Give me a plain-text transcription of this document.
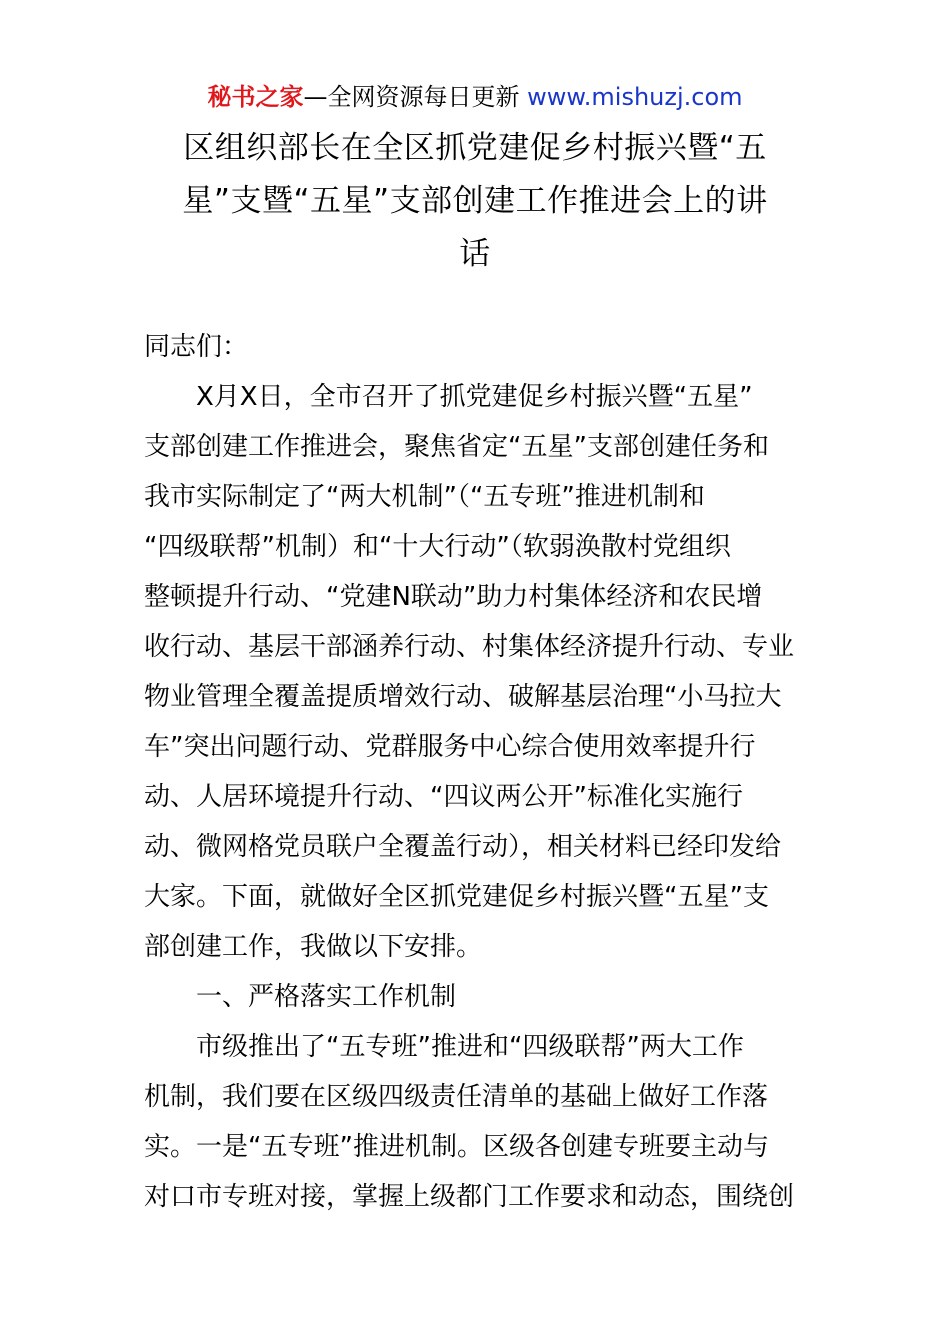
秘书之家—全网资源每日更新 www.mishuzj.com
区组织部长在全区抓党建促乡村振兴暨“五
星”支暨“五星”支部创建工作推进会上的讲
话
同志们：
　　X月X日，全市召开了抓党建促乡村振兴暨“五星”
支部创建工作推进会，聚焦省定“五星”支部创建任务和
我市实际制定了“两大机制”（“五专班”推进机制和
“四级联帮”机制）和“十大行动”（软弱涣散村党组织
整顿提升行动、“党建N联动”助力村集体经济和农民增
收行动、基层干部涵养行动、村集体经济提升行动、专业
物业管理全覆盖提质增效行动、破解基层治理“小马拉大
车”突出问题行动、党群服务中心综合使用效率提升行
动、人居环境提升行动、“四议两公开”标准化实施行
动、微网格党员联户全覆盖行动），相关材料已经印发给
大家。下面，就做好全区抓党建促乡村振兴暨“五星”支
部创建工作，我做以下安排。
　　一、严格落实工作机制
　　市级推出了“五专班”推进和“四级联帮”两大工作
机制，我们要在区级四级责任清单的基础上做好工作落
实。一是“五专班”推进机制。区级各创建专班要主动与
对口市专班对接，掌握上级都门工作要求和动态，围绕创
